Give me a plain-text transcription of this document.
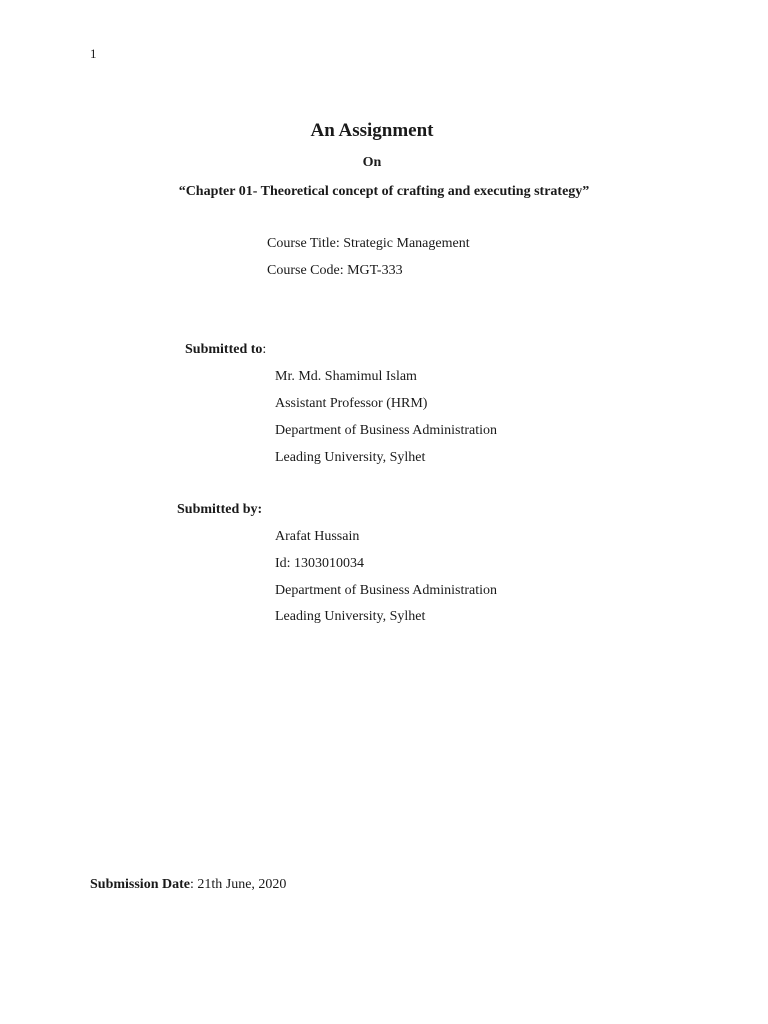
1
An Assignment
On
“Chapter 01- Theoretical concept of crafting and executing strategy”
Course Title: Strategic Management
Course Code: MGT-333
Submitted to:
Mr. Md. Shamimul Islam
Assistant Professor (HRM)
Department of Business Administration
Leading University, Sylhet
Submitted by:
Arafat Hussain
Id: 1303010034
Department of Business Administration
Leading University, Sylhet
Submission Date: 21th June, 2020
